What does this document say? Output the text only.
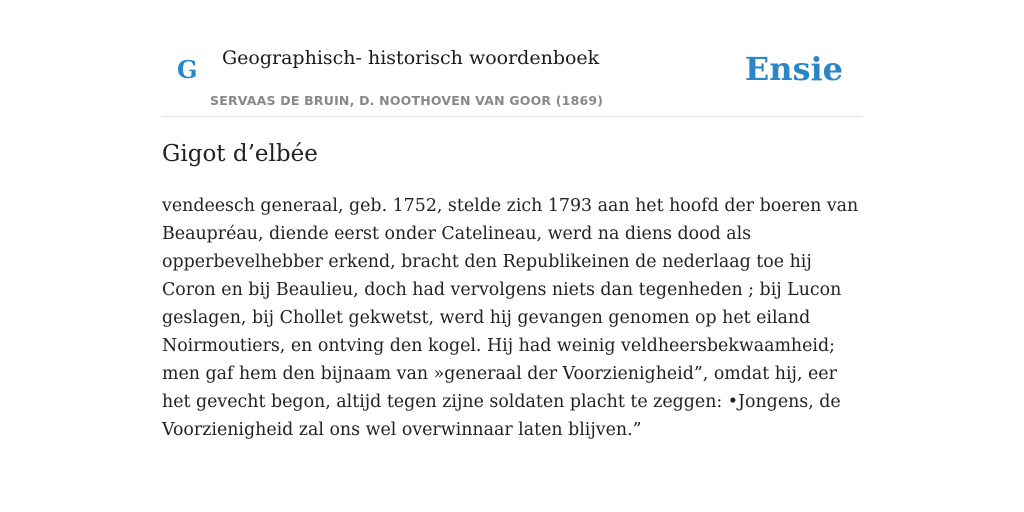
G Geographisch- historisch woordenboek
SERVAAS DE BRUIN, D. NOOTHOVEN VAN GOOR (1869)
Ensie
Gigot d’elbée

vendeesch generaal, geb. 1752, stelde zich 1793 aan het hoofd der boeren van Beaupréau, diende eerst onder Catelineau, werd na diens dood als opperbevelhebber erkend, bracht den Republikeinen de nederlaag toe hij Coron en bij Beaulieu, doch had vervolgens niets dan tegenheden ; bij Lucon geslagen, bij Chollet gekwetst, werd hij gevangen genomen op het eiland Noirmoutiers, en ontving den kogel. Hij had weinig veldheersbekwaamheid; men gaf hem den bijnaam van »generaal der Voorzienigheid”, omdat hij, eer het gevecht begon, altijd tegen zijne soldaten placht te zeggen: •Jongens, de Voorzienigheid zal ons wel overwinnaar laten blijven.”
